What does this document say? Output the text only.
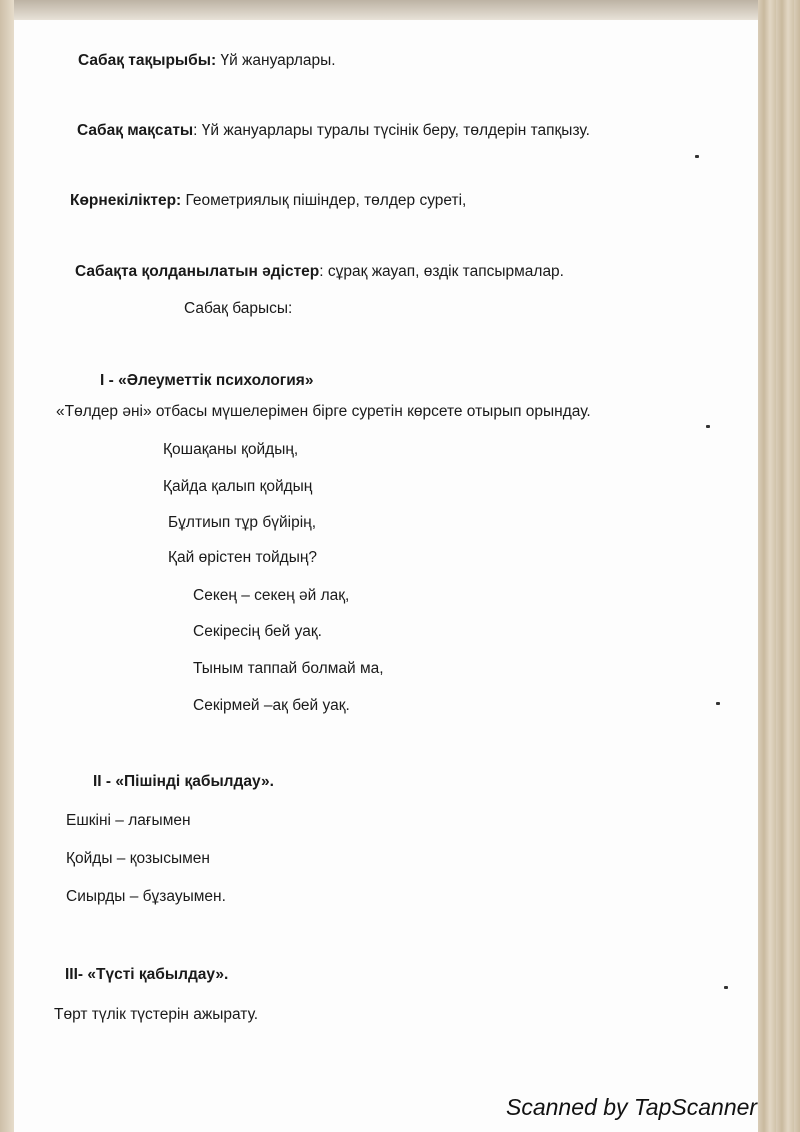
Сабақ тақырыбы: Үй жануарлары.
Сабақ мақсаты: Үй жануарлары туралы түсінік беру, төлдерін тапқызу.
Көрнекіліктер: Геометриялық пішіндер, төлдер суреті,
Сабақта қолданылатын әдістер: сұрақ жауап, өздік тапсырмалар.
Сабақ барысы:
І - «Әлеуметтік психология»
«Төлдер әні» отбасы мүшелерімен бірге суретін көрсете отырып орындау.
Қошақаны қойдың,
Қайда қалып қойдың
Бұлтиып тұр бүйірің,
Қай өрістен тойдың?
Секең – секең әй лақ,
Секіресің бей уақ.
Тыным таппай болмай ма,
Секірмей –ақ бей уақ.
ІІ - «Пішінді қабылдау».
Ешкіні – лағымен
Қойды – қозысымен
Сиырды – бұзауымен.
ІІІ- «Түсті қабылдау».
Төрт түлік түстерін ажырату.
Scanned by TapScanner
